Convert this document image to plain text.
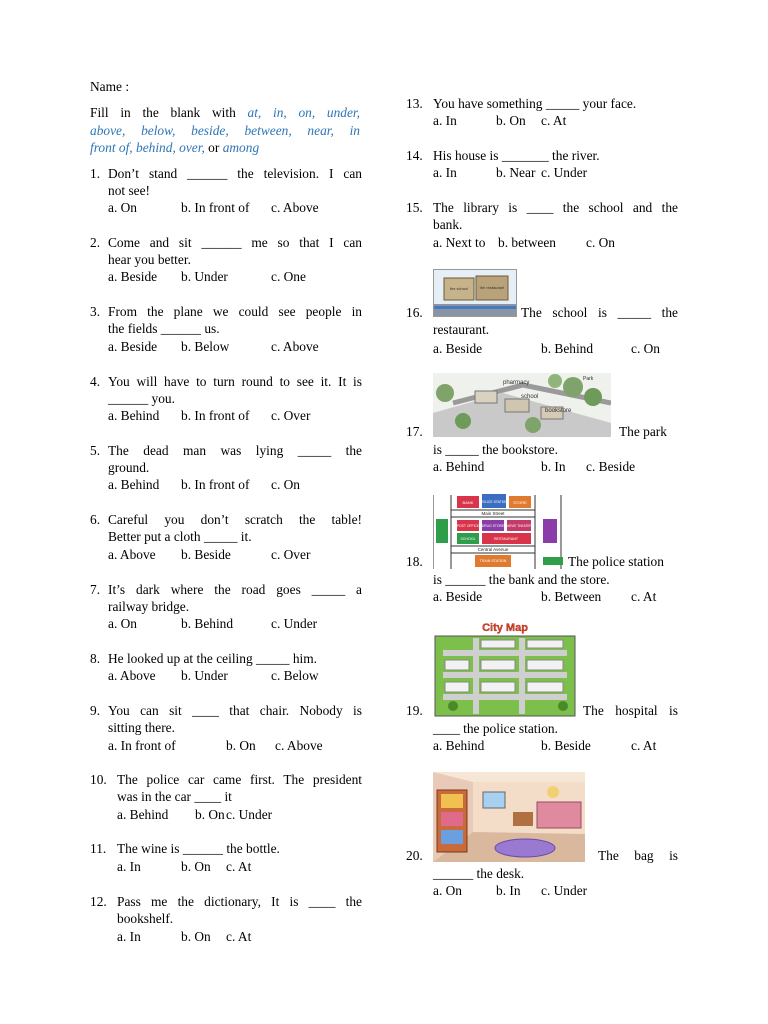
Name :
Fill in the blank with at, in, on, under,
above, below, beside, between, near, in
front of, behind, over, or among
1. Don’t stand ______ the television. I can
not see!
a. On	b. In front of c. Above
2. Come and sit ______ me so that I can
hear you better.
a. Beside b. Under	c. One
3. From the plane we could see people in
the fields ______ us.
a. Beside b. Below	c. Above
4. You will have to turn round to see it. It is
______ you.
a. Behind b. In front of c. Over
5. The dead man was lying _____ the
ground.
a. Behind b. In front of c. On
6. Careful you don’t scratch the table!
Better put a cloth _____ it.
a. Above b. Beside	c. Over
7. It’s dark where the road goes _____ a
railway bridge.
a. On	b. Behind	c. Under
8. He looked up at the ceiling _____ him.
a. Above b. Under	c. Below
9. You can sit ____ that chair. Nobody is
sitting there.
a. In front of	b. On c. Above
10. The police car came first. The president
was in the car ____ it
a. Behind b. On c. Under
11. The wine is ______ the bottle.
a. In	b. On c. At
12. Pass me the dictionary, It is ____ the
bookshelf.
a. In	b. On c. At
13. You have something _____ your face.
a. In	b. On c. At
14. His house is _______ the river.
a. In	b. Near c. Under
15. The library is ____ the school and the
bank.
a. Next to b. between c. On
the school	the restaurant
16.	The school is _____ the
restaurant.
a. Beside	b. Behind	c. On
pharmacy
school
bookstore
Park
17.	The park
is _____ the bookstore.
a. Behind	b. In c. Beside
BANK POLICE STATION STORE
Main Street
POST OFFICE DRUG STORE MOVIE THEATER
SCHOOL	RESTAURANT
Central Avenue
TRAIN STATION
18.	The police station
is ______ the bank and the store.
a. Beside	b. Between c. At
City Map
19.	The hospital is
____ the police station.
a. Behind	b. Beside	c. At
20.	The bag is
______ the desk.
a. On	b. In c. Under
